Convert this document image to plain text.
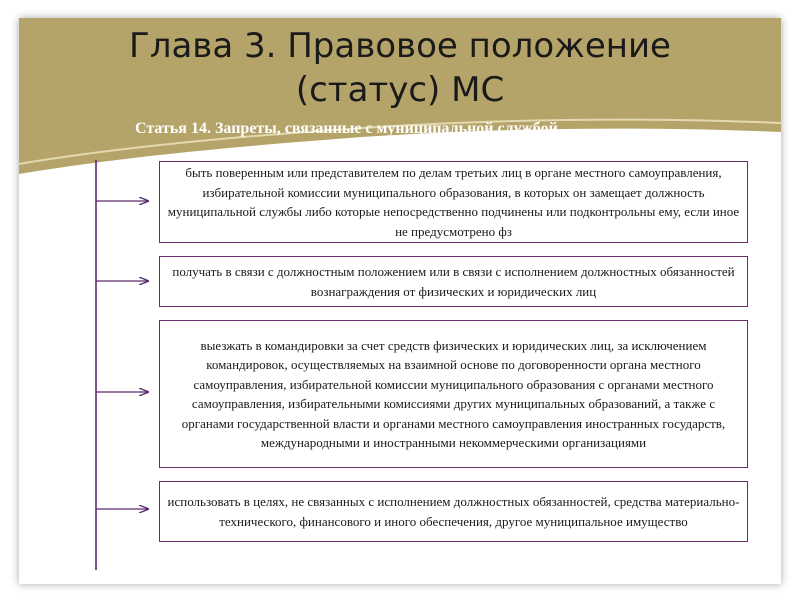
Глава 3. Правовое положение
(статус) МС
Статья 14. Запреты, связанные с муниципальной службой
быть поверенным или представителем по делам третьих лиц в органе местного самоуправления, избирательной комиссии муниципального образования, в которых он замещает должность муниципальной службы либо которые непосредственно подчинены или подконтрольны ему, если иное не предусмотрено фз
получать в связи с должностным положением или в связи с исполнением должностных обязанностей вознаграждения от физических и юридических лиц
выезжать в командировки за счет средств физических и юридических лиц, за исключением командировок, осуществляемых на взаимной основе по договоренности органа местного самоуправления, избирательной комиссии муниципального образования с органами местного самоуправления, избирательными комиссиями других муниципальных образований, а также с органами государственной власти и органами местного самоуправления иностранных государств, международными и иностранными некоммерческими организациями
использовать в целях, не связанных с исполнением должностных обязанностей, средства материально-технического, финансового и иного обеспечения, другое муниципальное имущество
